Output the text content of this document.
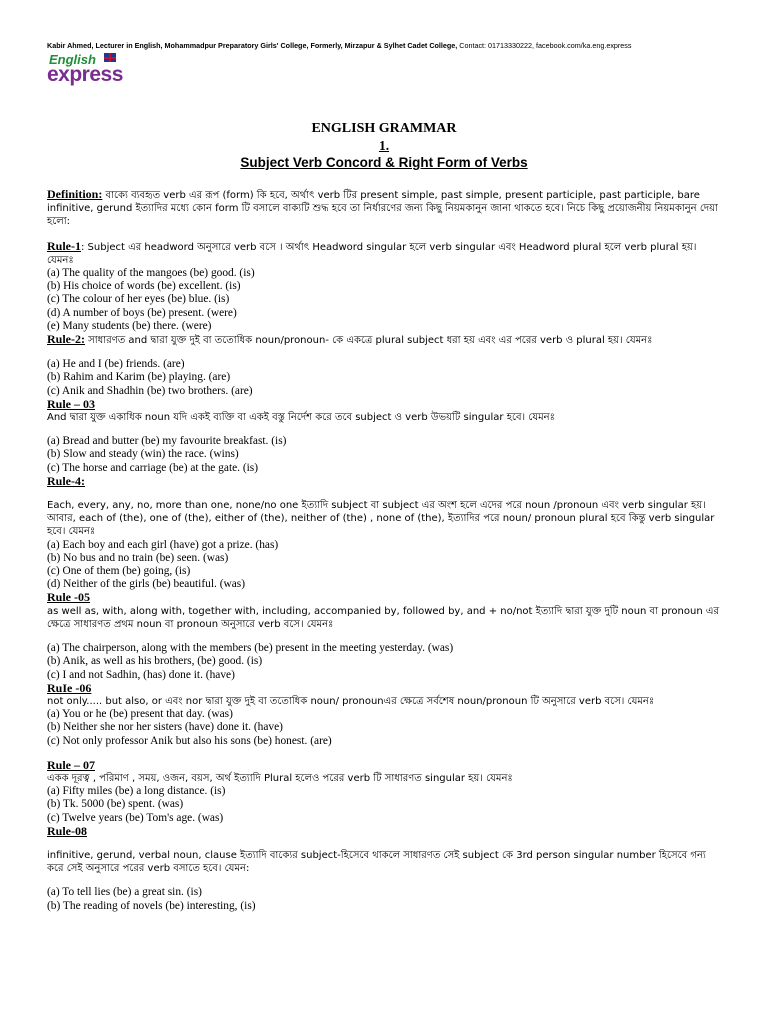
Kabir Ahmed, Lecturer in English, Mohammadpur Preparatory Girls' College, Formerly, Mirzapur & Sylhet Cadet College, Contact: 01713330222, facebook.com/ka.eng.express
English
express
ENGLISH GRAMMAR
1.
Subject Verb Concord & Right Form of Verbs

Definition: বাক্যে ব্যবহৃত verb এর রূপ (form) কি হবে, অর্থাৎ verb টির present simple, past simple, present participle, past participle, bare infinitive, gerund ইত্যাদির মধ্যে কোন form টি বসালে বাক্যটি শুদ্ধ হবে তা নির্ধারণের জন্য কিছু নিয়মকানুন জানা থাকতে হবে। নিচে কিছু প্রয়োজনীয় নিয়মকানুন দেয়া হলো:

Rule-1: Subject এর headword অনুসারে verb বসে । অর্থাৎ Headword singular হলে verb singular এবং Headword plural হলে verb plural হয়। যেমনঃ

(a) The quality of the mangoes (be) good. (is)

(b) His choice of words (be) excellent. (is)

(c) The colour of her eyes (be) blue. (is)

(d) A number of boys (be) present. (were)

(e) Many students (be) there. (were)

Rule-2: সাধারণত and দ্বারা যুক্ত দুই বা ততোধিক noun/pronoun- কে একত্রে plural subject ধরা হয় এবং এর পরের verb ও plural হয়। যেমনঃ

(a) He and I (be) friends. (are)

(b) Rahim and Karim (be) playing. (are)

(c) Anik and Shadhin (be) two brothers. (are)

Rule – 03

And দ্বারা যুক্ত একাধিক noun যদি একই ব্যক্তি বা একই বস্তু নির্দেশ করে তবে subject ও verb উভয়টি singular হবে। যেমনঃ

(a) Bread and butter (be) my favourite breakfast. (is)

(b) Slow and steady (win) the race. (wins)

(c) The horse and carriage (be) at the gate. (is)

Rule-4:

Each, every, any, no, more than one, none/no one ইত্যাদি subject বা subject এর অংশ হলে এদের পরে noun /pronoun এবং verb singular হয়। আবার, each of (the), one of (the), either of (the), neither of (the) , none of (the), ইত্যাদির পরে noun/ pronoun plural হবে কিন্তু verb singular হবে। যেমনঃ

(a) Each boy and each girl (have) got a prize. (has)

(b) No bus and no train (be) seen. (was)

(c) One of them (be) going, (is)

(d) Neither of the girls (be) beautiful. (was)

Rule -05

as well as, with, along with, together with, including, accompanied by, followed by, and + no/not ইত্যাদি দ্বারা যুক্ত দুটি noun বা pronoun এর ক্ষেত্রে সাধারণত প্রথম noun বা pronoun অনুসারে verb বসে। যেমনঃ

(a) The chairperson, along with the members (be) present in the meeting yesterday. (was)

(b) Anik, as well as his brothers, (be) good. (is)

(c) I and not Sadhin, (has) done it. (have)

RuIe -06

not only..... but also, or এবং nor দ্বারা যুক্ত দুই বা ততোধিক noun/ pronounএর ক্ষেত্রে সর্বশেষ noun/pronoun টি অনুসারে verb বসে। যেমনঃ

(a) You or he (be) present that day. (was)

(b) Neither she nor her sisters (have) done it. (have)

(c) Not only professor Anik but also his sons (be) honest. (are)

Rule – 07

একক দূরত্ব , পরিমাণ , সময়, ওজন, বয়স, অর্থ ইত্যাদি Plural হলেও পরের verb টি সাধারণত singular হয়। যেমনঃ

(a) Fifty miles (be) a long distance. (is)

(b) Tk. 5000 (be) spent. (was)

(c) Twelve years (be) Tom's age. (was)

Rule-08

infinitive, gerund, verbal noun, clause ইত্যাদি বাক্যের subject-হিসেবে থাকলে সাধারণত সেই subject কে 3rd person singular number হিসেবে গন্য করে সেই অনুসারে পরের verb বসাতে হবে। যেমন:

(a) To tell lies (be) a great sin. (is)

(b) The reading of novels (be) interesting, (is)
